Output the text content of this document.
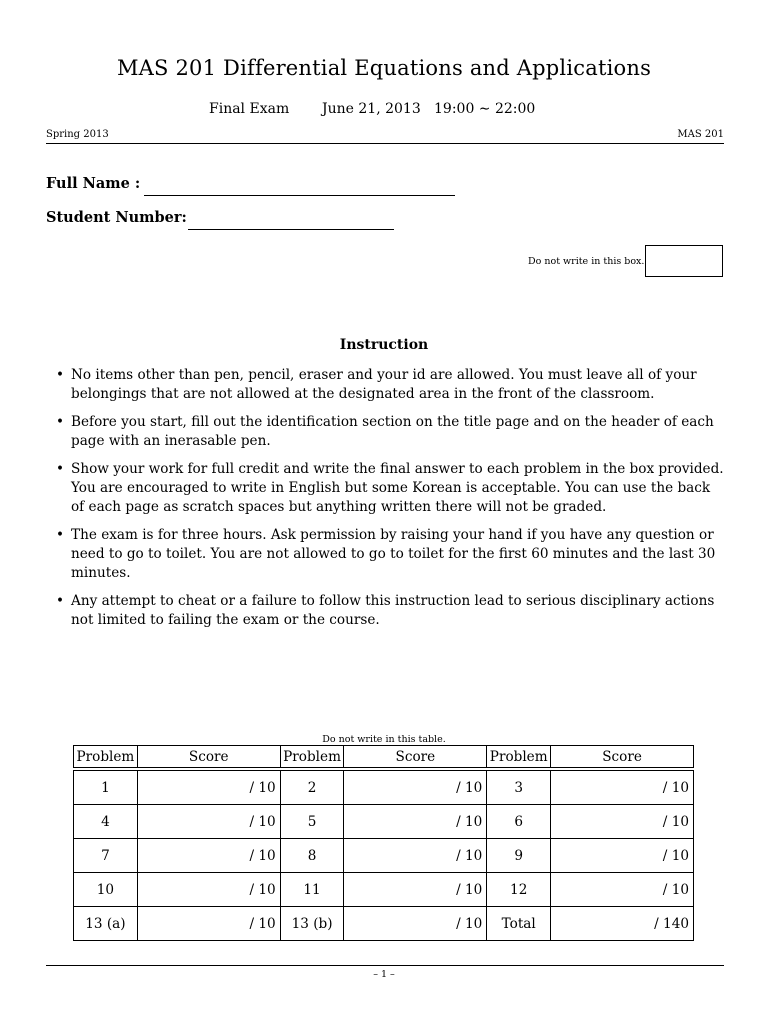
MAS 201 Differential Equations and Applications
Final Exam June 21, 2013 19:00 ∼ 22:00
Spring 2013	MAS 201
Full Name :
Student Number:
Do not write in this box.
Instruction
• No items other than pen, pencil, eraser and your id are allowed. You must leave all of your belongings that are not allowed at the designated area in the front of the classroom.
• Before you start, fill out the identification section on the title page and on the header of each page with an inerasable pen.
• Show your work for full credit and write the final answer to each problem in the box provided. You are encouraged to write in English but some Korean is acceptable. You can use the back of each page as scratch spaces but anything written there will not be graded.
• The exam is for three hours. Ask permission by raising your hand if you have any question or need to go to toilet. You are not allowed to go to toilet for the first 60 minutes and the last 30 minutes.
• Any attempt to cheat or a failure to follow this instruction lead to serious disciplinary actions not limited to failing the exam or the course.
Do not write in this table.
Problem	Score	Problem	Score	Problem	Score

1	/ 10	2	/ 10	3	/ 10
4	/ 10	5	/ 10	6	/ 10
7	/ 10	8	/ 10	9	/ 10
10	/ 10	11	/ 10	12	/ 10
13 (a)	/ 10	13 (b)	/ 10	Total	/ 140
– 1 –
